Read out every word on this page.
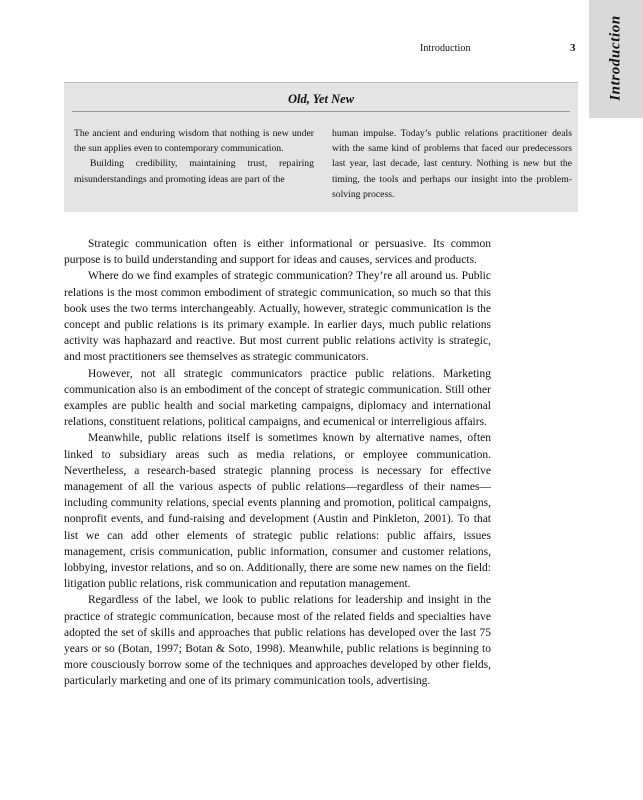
Introduction	3 Introduction
Old, Yet New

The ancient and enduring wisdom that nothing is new under the sun applies even to contemporary communication.

Building credibility, maintaining trust, repairing misunderstandings and promoting ideas are part of the

human impulse. Today’s public relations practitioner deals with the same kind of problems that faced our predecessors last year, last decade, last century. Nothing is new but the timing, the tools and perhaps our insight into the problem-solving process.

Strategic communication often is either informational or persuasive. Its common purpose is to build understanding and support for ideas and causes, services and products.

Where do we find examples of strategic communication? They’re all around us. Public relations is the most common embodiment of strategic communication, so much so that this book uses the two terms interchangeably. Actually, however, strategic communication is the concept and public relations is its primary example. In earlier days, much public relations activity was haphazard and reactive. But most current public relations activity is strategic, and most practitioners see themselves as strategic communicators.

However, not all strategic communicators practice public relations. Marketing communication also is an embodiment of the concept of strategic communication. Still other examples are public health and social marketing campaigns, diplomacy and international relations, constituent relations, political campaigns, and ecumenical or interreligious affairs.

Meanwhile, public relations itself is sometimes known by alternative names, often linked to subsidiary areas such as media relations, or employee communication. Nevertheless, a research-based strategic planning process is necessary for effective management of all the various aspects of public relations—regardless of their names—including community relations, special events planning and promotion, political campaigns, nonprofit events, and fund-raising and development (Austin and Pinkleton, 2001). To that list we can add other elements of strategic public relations: public affairs, issues management, crisis communication, public information, consumer and customer relations, lobbying, investor relations, and so on. Additionally, there are some new names on the field: litigation public relations, risk communication and reputation management.

Regardless of the label, we look to public relations for leadership and insight in the practice of strategic communication, because most of the related fields and specialties have adopted the set of skills and approaches that public relations has developed over the last 75 years or so (Botan, 1997; Botan & Soto, 1998). Meanwhile, public relations is beginning to more cousciously borrow some of the techniques and approaches developed by other fields, particularly marketing and one of its primary communication tools, advertising.
